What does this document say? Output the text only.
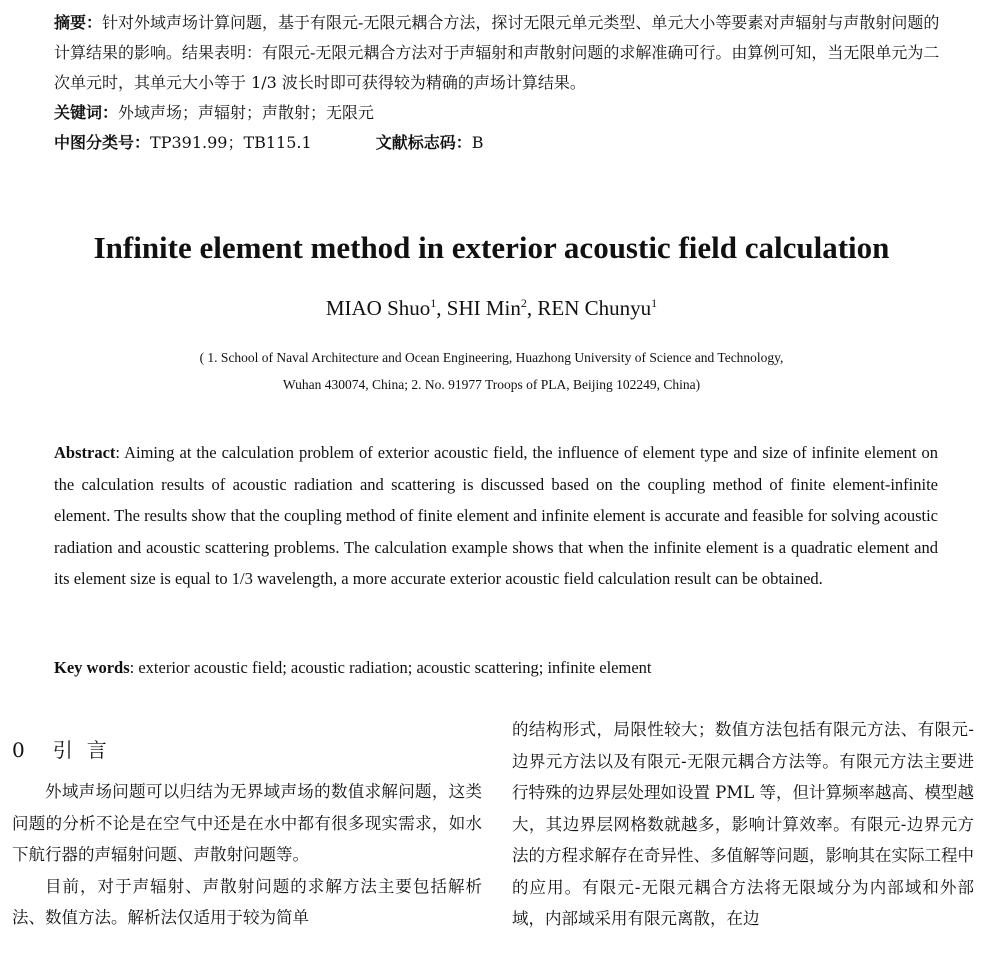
摘要：针对外域声场计算问题，基于有限元-无限元耦合方法，探讨无限元单元类型、单元大小等要素对声辐射与声散射问题的计算结果的影响。结果表明：有限元-无限元耦合方法对于声辐射和声散射问题的求解准确可行。由算例可知，当无限单元为二次单元时，其单元大小等于 1/3 波长时即可获得较为精确的声场计算结果。

关键词：外域声场；声辐射；声散射；无限元

中图分类号：TP391.99；TB115.1	文献标志码：B
Infinite element method in exterior acoustic field calculation
MIAO Shuo$^1$, SHI Min$^2$, REN Chunyu$^1$
( 1. School of Naval Architecture and Ocean Engineering, Huazhong University of Science and Technology,
Wuhan 430074, China; 2. No. 91977 Troops of PLA, Beijing 102249, China)

Abstract: Aiming at the calculation problem of exterior acoustic field, the influence of element type and size of infinite element on the calculation results of acoustic radiation and scattering is discussed based on the coupling method of finite element-infinite element. The results show that the coupling method of finite element and infinite element is accurate and feasible for solving acoustic radiation and acoustic scattering problems. The calculation example shows that when the infinite element is a quadratic element and its element size is equal to 1/3 wavelength, a more accurate exterior acoustic field calculation result can be obtained.

Key words: exterior acoustic field; acoustic radiation; acoustic scattering; infinite element
0 引言

外域声场问题可以归结为无界域声场的数值求解问题，这类问题的分析不论是在空气中还是在水中都有很多现实需求，如水下航行器的声辐射问题、声散射问题等。

目前，对于声辐射、声散射问题的求解方法主要包括解析法、数值方法。解析法仅适用于较为简单

的结构形式，局限性较大；数值方法包括有限元方法、有限元-边界元方法以及有限元-无限元耦合方法等。有限元方法主要进行特殊的边界层处理如设置 PML 等，但计算频率越高、模型越大，其边界层网格数就越多，影响计算效率。有限元-边界元方法的方程求解存在奇异性、多值解等问题，影响其在实际工程中的应用。有限元-无限元耦合方法将无限域分为内部域和外部域，内部域采用有限元离散，在边
